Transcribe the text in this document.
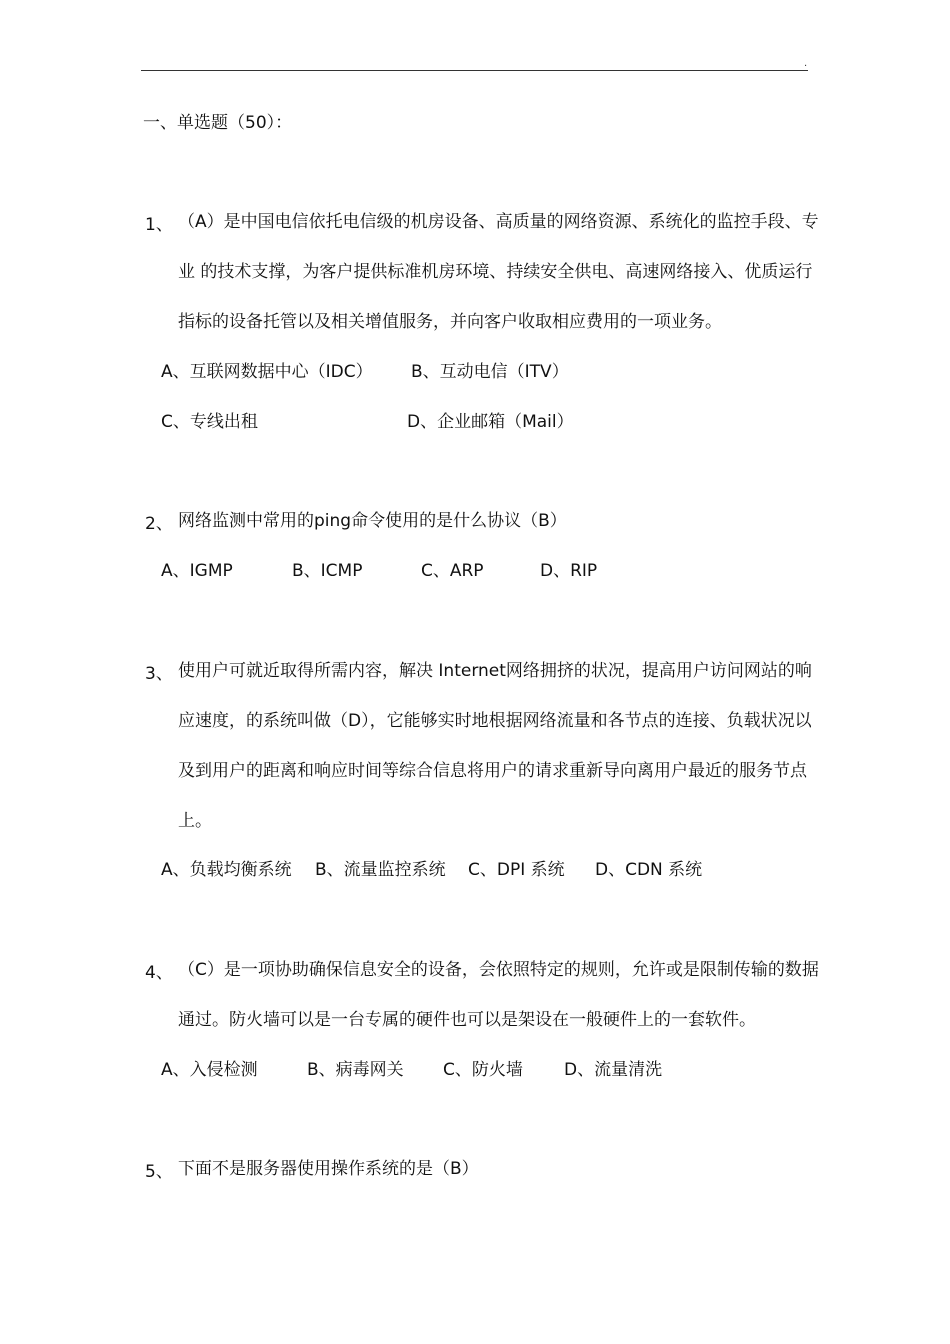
.
一、单选题（50）：
1、 （A）是中国电信依托电信级的机房设备、高质量的网络资源、系统化的监控手段、专
业 的技术支撑，为客户提供标准机房环境、持续安全供电、高速网络接入、优质运行
指标的设备托管以及相关增值服务，并向客户收取相应费用的一项业务。
A、互联网数据中心（IDC） B、互动电信（ITV）
C、专线出租	D、企业邮箱（Mail）
2、 网络监测中常用的ping命令使用的是什么协议（B）
A、IGMP	B、ICMP	C、ARP	D、RIP
3、 使用户可就近取得所需内容，解决 Internet网络拥挤的状况，提高用户访问网站的响
应速度，的系统叫做（D），它能够实时地根据网络流量和各节点的连接、负载状况以
及到用户的距离和响应时间等综合信息将用户的请求重新导向离用户最近的服务节点
上。
A、负载均衡系统 B、流量监控系统 C、DPI 系统 D、CDN 系统
4、 （C）是一项协助确保信息安全的设备，会依照特定的规则，允许或是限制传输的数据
通过。防火墙可以是一台专属的硬件也可以是架设在一般硬件上的一套软件。
A、入侵检测	B、病毒网关 C、防火墙 D、流量清洗
5、 下面不是服务器使用操作系统的是（B）
